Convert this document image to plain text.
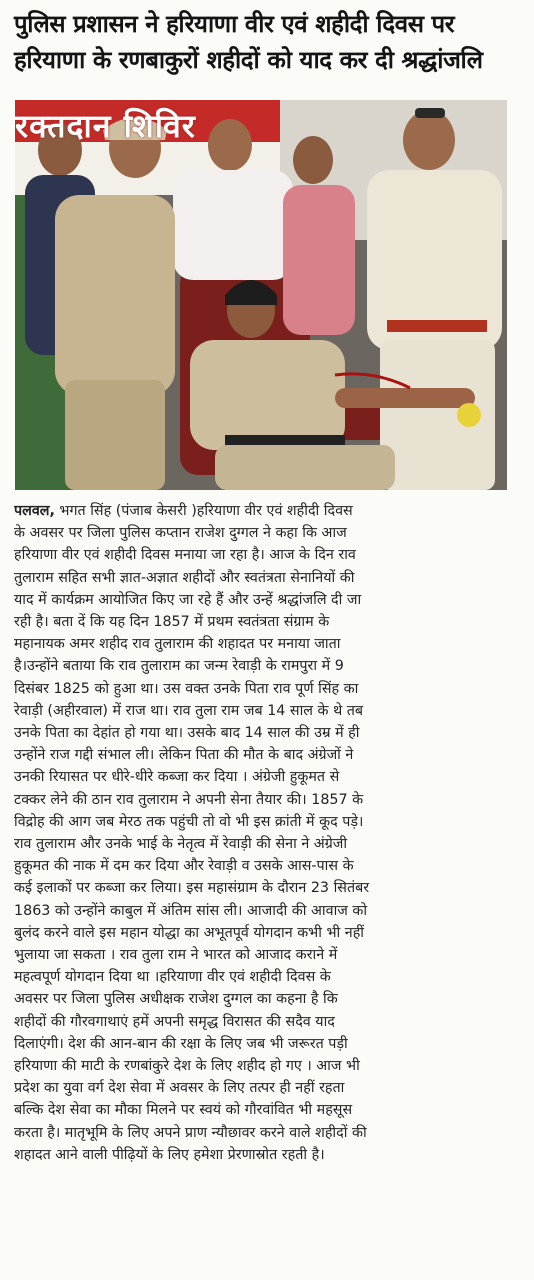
पुलिस प्रशासन ने हरियाणा वीर एवं शहीदी दिवस पर
हरियाणा के रणबाकुरों शहीदों को याद कर दी श्रद्धांजलि
रक्तदान शिविर
पलवल, भगत सिंह (पंजाब केसरी )हरियाणा वीर एवं शहीदी दिवस
के अवसर पर जिला पुलिस कप्तान राजेश दुग्गल ने कहा कि आज
हरियाणा वीर एवं शहीदी दिवस मनाया जा रहा है। आज के दिन राव
तुलाराम सहित सभी ज्ञात-अज्ञात शहीदों और स्वतंत्रता सेनानियों की
याद में कार्यक्रम आयोजित किए जा रहे हैं और उन्हें श्रद्धांजलि दी जा
रही है। बता दें कि यह दिन 1857 में प्रथम स्वतंत्रता संग्राम के
महानायक अमर शहीद राव तुलाराम की शहादत पर मनाया जाता
है।उन्होंने बताया कि राव तुलाराम का जन्म रेवाड़ी के रामपुरा में 9
दिसंबर 1825 को हुआ था। उस वक्त उनके पिता राव पूर्ण सिंह का
रेवाड़ी (अहीरवाल) में राज था। राव तुला राम जब 14 साल के थे तब
उनके पिता का देहांत हो गया था। उसके बाद 14 साल की उम्र में ही
उन्होंने राज गद्दी संभाल ली। लेकिन पिता की मौत के बाद अंग्रेजों ने
उनकी रियासत पर धीरे-धीरे कब्जा कर दिया । अंग्रेजी हुकूमत से
टक्कर लेने की ठान राव तुलाराम ने अपनी सेना तैयार की। 1857 के
विद्रोह की आग जब मेरठ तक पहुंची तो वो भी इस क्रांती में कूद पड़े।
राव तुलाराम और उनके भाई के नेतृत्व में रेवाड़ी की सेना ने अंग्रेजी
हुकूमत की नाक में दम कर दिया और रेवाड़ी व उसके आस-पास के
कई इलाकों पर कब्जा कर लिया। इस महासंग्राम के दौरान 23 सितंबर
1863 को उन्होंने काबुल में अंतिम सांस ली। आजादी की आवाज को
बुलंद करने वाले इस महान योद्धा का अभूतपूर्व योगदान कभी भी नहीं
भुलाया जा सकता । राव तुला राम ने भारत को आजाद कराने में
महत्वपूर्ण योगदान दिया था ।हरियाणा वीर एवं शहीदी दिवस के
अवसर पर जिला पुलिस अधीक्षक राजेश दुग्गल का कहना है कि
शहीदों की गौरवगाथाएं हमें अपनी समृद्ध विरासत की सदैव याद
दिलाएंगी। देश की आन-बान की रक्षा के लिए जब भी जरूरत पड़ी
हरियाणा की माटी के रणबांकुरे देश के लिए शहीद हो गए । आज भी
प्रदेश का युवा वर्ग देश सेवा में अवसर के लिए तत्पर ही नहीं रहता
बल्कि देश सेवा का मौका मिलने पर स्वयं को गौरवांवित भी महसूस
करता है। मातृभूमि के लिए अपने प्राण न्यौछावर करने वाले शहीदों की
शहादत आने वाली पीढ़ियों के लिए हमेशा प्रेरणास्रोत रहती है।
